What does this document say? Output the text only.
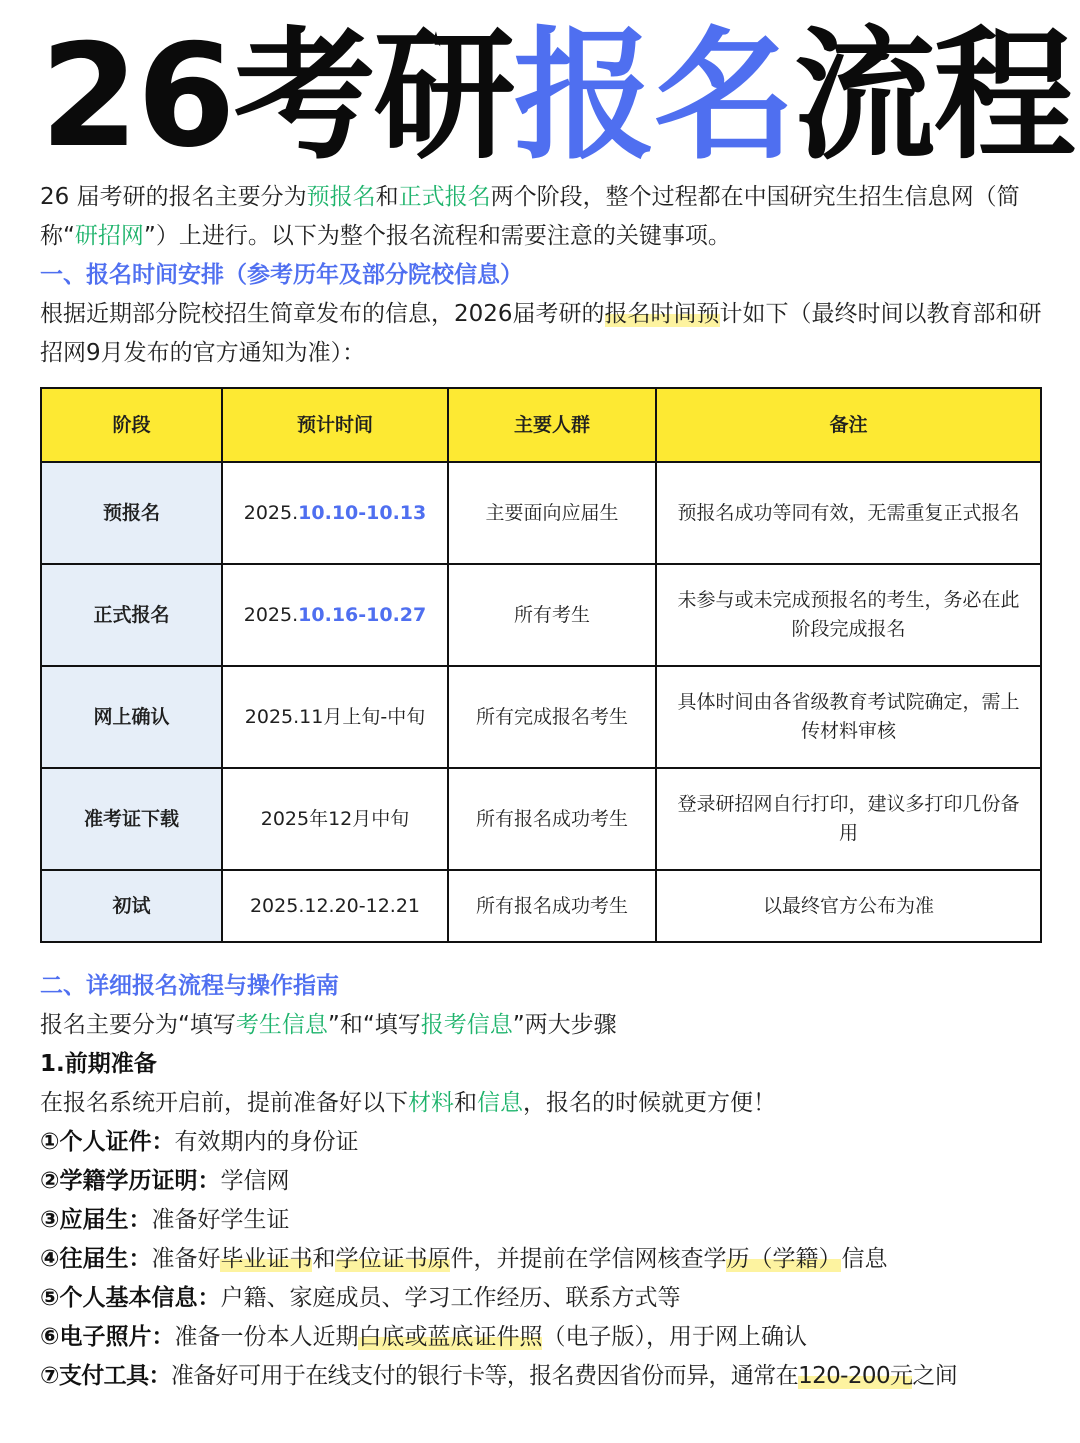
26考研报名流程

26 届考研的报名主要分为预报名和正式报名两个阶段，整个过程都在中国研究生招生信息网（简称“研招网”）上进行。以下为整个报名流程和需要注意的关键事项。

一、报名时间安排（参考历年及部分院校信息）

根据近期部分院校招生简章发布的信息，2026届考研的报名时间预计如下（最终时间以教育部和研招网9月发布的官方通知为准）：

阶段	预计时间	主要人群	备注
预报名	2025.10.10-10.13	主要面向应届生	预报名成功等同有效，无需重复正式报名
正式报名	2025.10.16-10.27	所有考生	未参与或未完成预报名的考生，务必在此阶段完成报名
网上确认	2025.11月上旬-中旬	所有完成报名考生	具体时间由各省级教育考试院确定，需上传材料审核
准考证下载	2025年12月中旬	所有报名成功考生	登录研招网自行打印，建议多打印几份备用
初试	2025.12.20-12.21	所有报名成功考生	以最终官方公布为准

二、详细报名流程与操作指南

报名主要分为“填写考生信息”和“填写报考信息”两大步骤

1.前期准备

在报名系统开启前，提前准备好以下材料和信息，报名的时候就更方便！

①个人证件：有效期内的身份证

②学籍学历证明：学信网

③应届生：准备好学生证

④往届生：准备好毕业证书和学位证书原件，并提前在学信网核查学历（学籍）信息

⑤个人基本信息：户籍、家庭成员、学习工作经历、联系方式等

⑥电子照片：准备一份本人近期白底或蓝底证件照（电子版），用于网上确认

⑦支付工具：准备好可用于在线支付的银行卡等，报名费因省份而异，通常在120-200元之间
